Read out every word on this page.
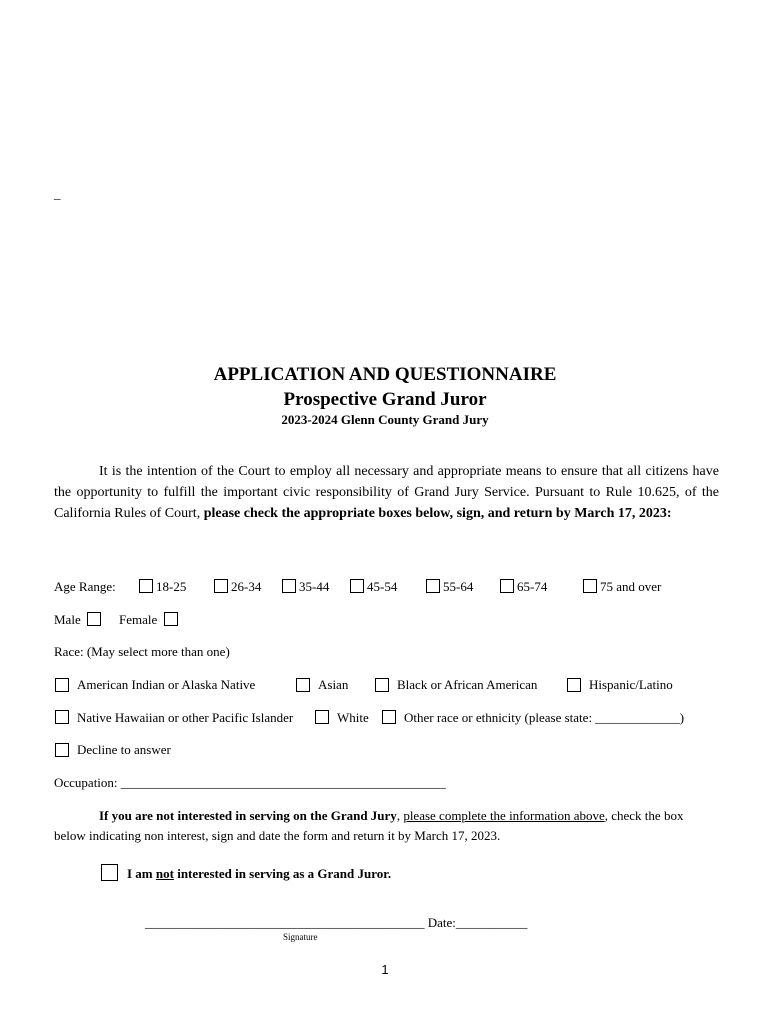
_
APPLICATION AND QUESTIONNAIRE
Prospective Grand Juror
2023-2024 Glenn County Grand Jury
It is the intention of the Court to employ all necessary and appropriate means to ensure that all citizens have the opportunity to fulfill the important civic responsibility of Grand Jury Service. Pursuant to Rule 10.625, of the California Rules of Court, please check the appropriate boxes below, sign, and return by March 17, 2023:
Age Range:	18-25	26-34	35-44	45-54	55-64	65-74	75 and over
Male	Female
Race: (May select more than one)
American Indian or Alaska Native	Asian	Black or African American	Hispanic/Latino
Native Hawaiian or other Pacific Islander	White	Other race or ethnicity (please state: _____________)
Decline to answer
Occupation: __________________________________________________
If you are not interested in serving on the Grand Jury, please complete the information above, check the box below indicating non interest, sign and date the form and return it by March 17, 2023.
I am not interested in serving as a Grand Juror.
___________________________________________ Date:___________
Signature
1
